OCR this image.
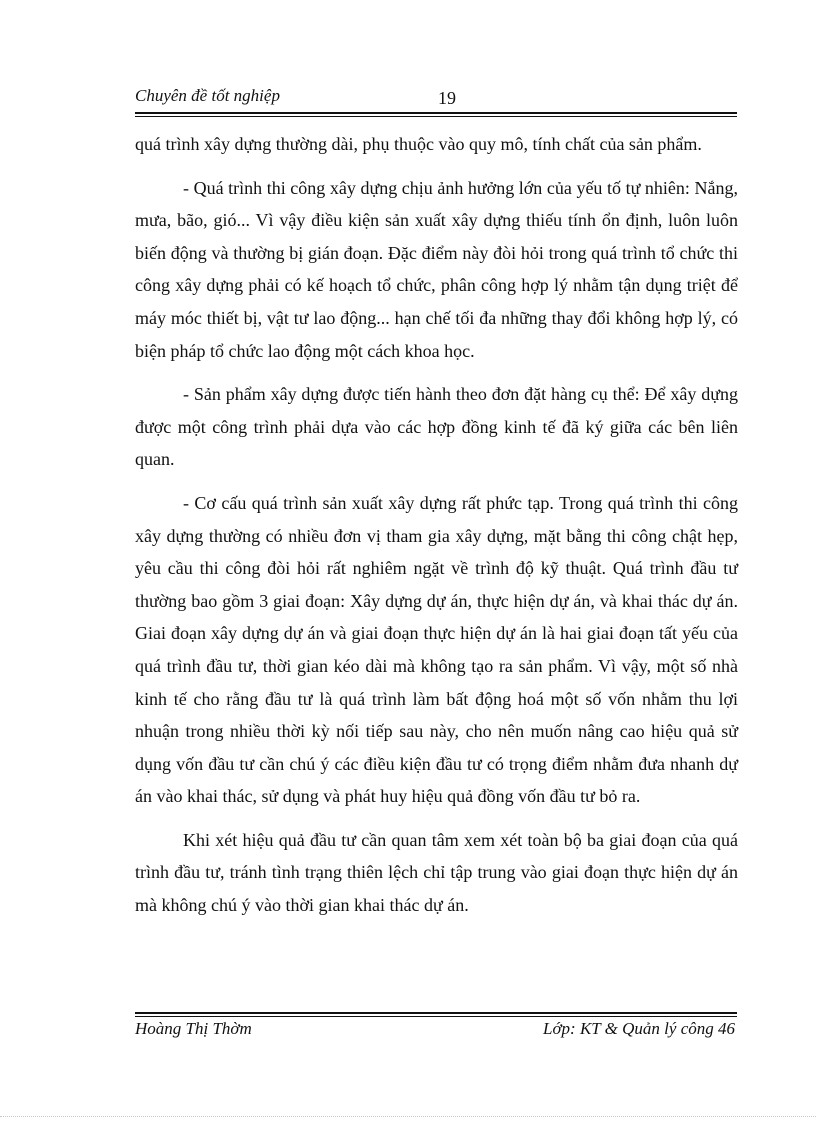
Chuyên đề tốt nghiệp	19

quá trình xây dựng thường dài, phụ thuộc vào quy mô, tính chất của sản phẩm.

- Quá trình thi công xây dựng chịu ảnh hưởng lớn của yếu tố tự nhiên: Nắng, mưa, bão, gió... Vì vậy điều kiện sản xuất xây dựng thiếu tính ổn định, luôn luôn biến động và thường bị gián đoạn. Đặc điểm này đòi hỏi trong quá trình tổ chức thi công xây dựng phải có kế hoạch tổ chức, phân công hợp lý nhằm tận dụng triệt để máy móc thiết bị, vật tư lao động... hạn chế tối đa những thay đổi không hợp lý, có biện pháp tổ chức lao động một cách khoa học.

- Sản phẩm xây dựng được tiến hành theo đơn đặt hàng cụ thể: Để xây dựng được một công trình phải dựa vào các hợp đồng kinh tế đã ký giữa các bên liên quan.

- Cơ cấu quá trình sản xuất xây dựng rất phức tạp. Trong quá trình thi công xây dựng thường có nhiều đơn vị tham gia xây dựng, mặt bằng thi công chật hẹp, yêu cầu thi công đòi hỏi rất nghiêm ngặt về trình độ kỹ thuật. Quá trình đầu tư thường bao gồm 3 giai đoạn: Xây dựng dự án, thực hiện dự án, và khai thác dự án. Giai đoạn xây dựng dự án và giai đoạn thực hiện dự án là hai giai đoạn tất yếu của quá trình đầu tư, thời gian kéo dài mà không tạo ra sản phẩm. Vì vậy, một số nhà kinh tế cho rằng đầu tư là quá trình làm bất động hoá một số vốn nhằm thu lợi nhuận trong nhiều thời kỳ nối tiếp sau này, cho nên muốn nâng cao hiệu quả sử dụng vốn đầu tư cần chú ý các điều kiện đầu tư có trọng điểm nhằm đưa nhanh dự án vào khai thác, sử dụng và phát huy hiệu quả đồng vốn đầu tư bỏ ra.

Khi xét hiệu quả đầu tư cần quan tâm xem xét toàn bộ ba giai đoạn của quá trình đầu tư, tránh tình trạng thiên lệch chỉ tập trung vào giai đoạn thực hiện dự án mà không chú ý vào thời gian khai thác dự án.

Hoàng Thị Thờm	Lớp: KT & Quản lý công 46
